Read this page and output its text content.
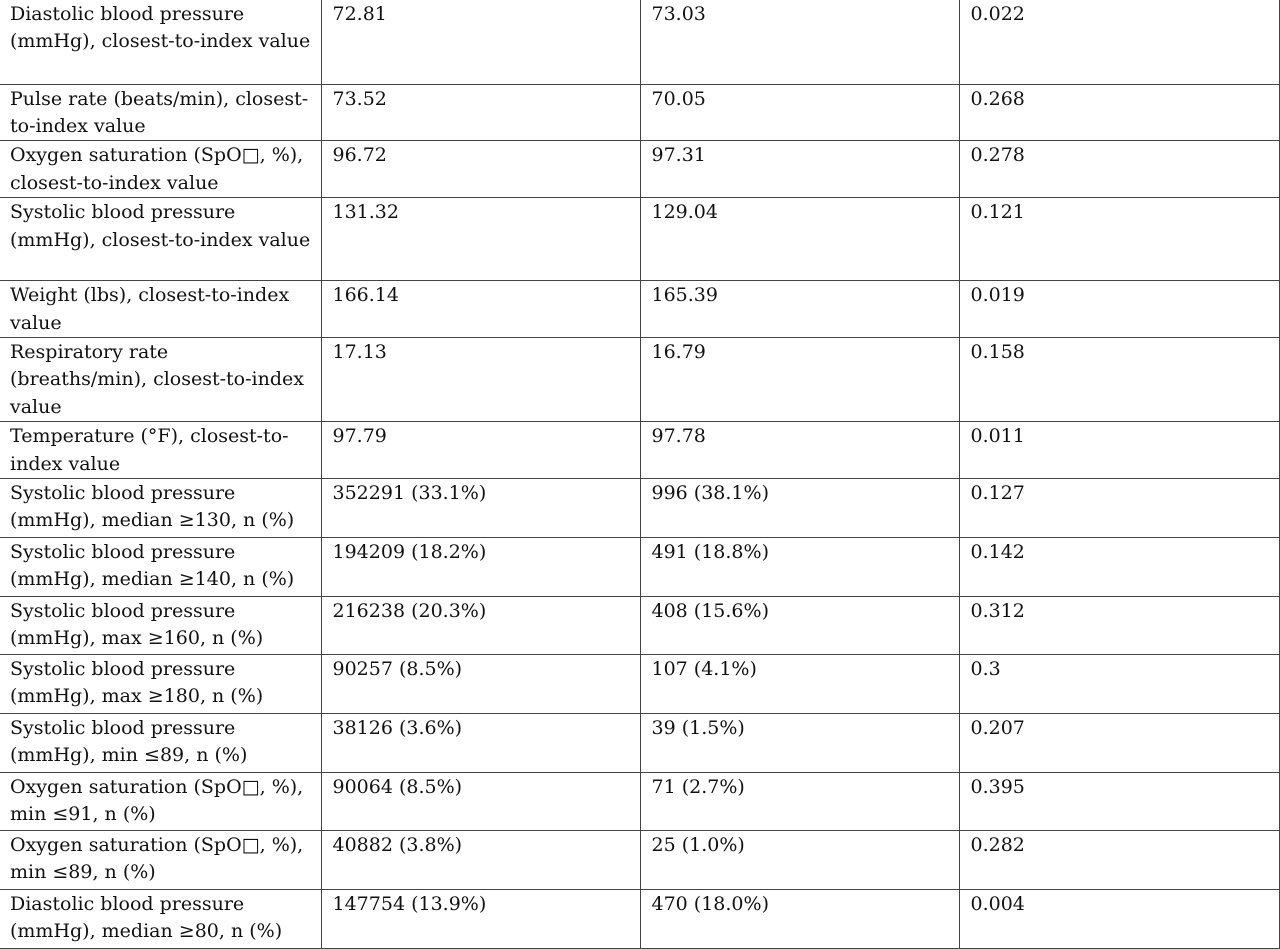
Diastolic blood pressure (mmHg), closest-to-index value	72.81	73.03	0.022
Pulse rate (beats/min), closest-to-index value	73.52	70.05	0.268
Oxygen saturation (SpO□, %), closest-to-index value	96.72	97.31	0.278
Systolic blood pressure (mmHg), closest-to-index value	131.32	129.04	0.121
Weight (lbs), closest-to-index value	166.14	165.39	0.019
Respiratory rate (breaths/min), closest-to-index value	17.13	16.79	0.158
Temperature (°F), closest-to-index value	97.79	97.78	0.011
Systolic blood pressure (mmHg), median ≥130, n (%)	352291 (33.1%)	996 (38.1%)	0.127
Systolic blood pressure (mmHg), median ≥140, n (%)	194209 (18.2%)	491 (18.8%)	0.142
Systolic blood pressure (mmHg), max ≥160, n (%)	216238 (20.3%)	408 (15.6%)	0.312
Systolic blood pressure (mmHg), max ≥180, n (%)	90257 (8.5%)	107 (4.1%)	0.3
Systolic blood pressure (mmHg), min ≤89, n (%)	38126 (3.6%)	39 (1.5%)	0.207
Oxygen saturation (SpO□, %), min ≤91, n (%)	90064 (8.5%)	71 (2.7%)	0.395
Oxygen saturation (SpO□, %), min ≤89, n (%)	40882 (3.8%)	25 (1.0%)	0.282
Diastolic blood pressure (mmHg), median ≥80, n (%)	147754 (13.9%)	470 (18.0%)	0.004
